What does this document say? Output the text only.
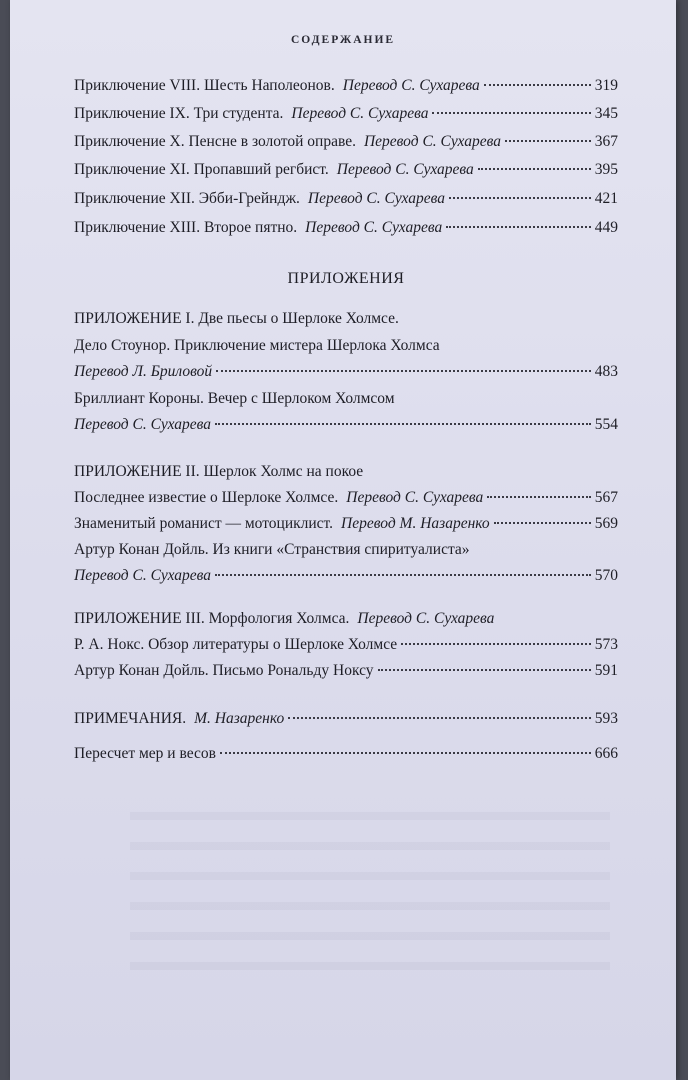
СОДЕРЖАНИЕ
Приключение VIII. Шесть Наполеонов. Перевод С. Сухарева	319
Приключение IX. Три студента. Перевод С. Сухарева	345
Приключение X. Пенсне в золотой оправе. Перевод С. Сухарева	367
Приключение XI. Пропавший регбист. Перевод С. Сухарева	395
Приключение XII. Эбби-Грейндж. Перевод С. Сухарева	421
Приключение XIII. Второе пятно. Перевод С. Сухарева	449
ПРИЛОЖЕНИЯ
ПРИЛОЖЕНИЕ I. Две пьесы о Шерлоке Холмсе.
Дело Стоунор. Приключение мистера Шерлока Холмса
Перевод Л. Бриловой	483
Бриллиант Короны. Вечер с Шерлоком Холмсом
Перевод С. Сухарева	554
ПРИЛОЖЕНИЕ II. Шерлок Холмс на покое
Последнее известие о Шерлоке Холмсе. Перевод С. Сухарева	567
Знаменитый романист — мотоциклист. Перевод М. Назаренко	569
Артур Конан Дойль. Из книги «Странствия спиритуалиста»
Перевод С. Сухарева	570
ПРИЛОЖЕНИЕ III. Морфология Холмса. Перевод С. Сухарева
Р. А. Нокс. Обзор литературы о Шерлоке Холмсе	573
Артур Конан Дойль. Письмо Рональду Ноксу	591
ПРИМЕЧАНИЯ. М. Назаренко	593
Пересчет мер и весов	666
